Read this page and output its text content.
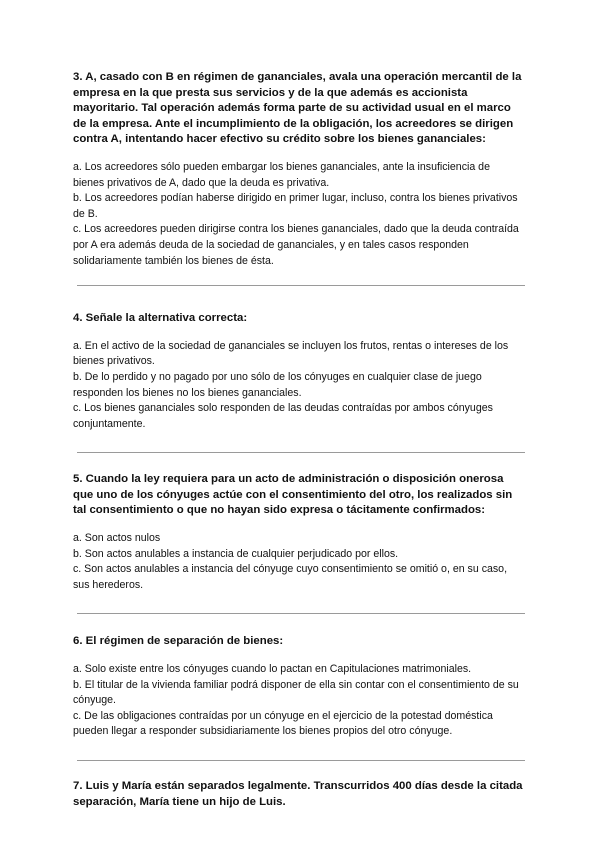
3. A, casado con B en régimen de gananciales, avala una operación mercantil de la empresa en la que presta sus servicios y de la que además es accionista mayoritario. Tal operación además forma parte de su actividad usual en el marco de la empresa. Ante el incumplimiento de la obligación, los acreedores se dirigen contra A, intentando hacer efectivo su crédito sobre los bienes gananciales:

a. Los acreedores sólo pueden embargar los bienes gananciales, ante la insuficiencia de bienes privativos de A, dado que la deuda es privativa.

b. Los acreedores podían haberse dirigido en primer lugar, incluso, contra los bienes privativos de B.

c. Los acreedores pueden dirigirse contra los bienes gananciales, dado que la deuda contraída por A era además deuda de la sociedad de gananciales, y en tales casos responden solidariamente también los bienes de ésta.

4. Señale la alternativa correcta:

a. En el activo de la sociedad de gananciales se incluyen los frutos, rentas o intereses de los bienes privativos.

b. De lo perdido y no pagado por uno sólo de los cónyuges en cualquier clase de juego responden los bienes no los bienes gananciales.

c. Los bienes gananciales solo responden de las deudas contraídas por ambos cónyuges conjuntamente.

5. Cuando la ley requiera para un acto de administración o disposición onerosa que uno de los cónyuges actúe con el consentimiento del otro, los realizados sin tal consentimiento o que no hayan sido expresa o tácitamente confirmados:

a. Son actos nulos

b. Son actos anulables a instancia de cualquier perjudicado por ellos.

c. Son actos anulables a instancia del cónyuge cuyo consentimiento se omitió o, en su caso, sus herederos.

6. El régimen de separación de bienes:

a. Solo existe entre los cónyuges cuando lo pactan en Capitulaciones matrimoniales.

b. El titular de la vivienda familiar podrá disponer de ella sin contar con el consentimiento de su cónyuge.

c. De las obligaciones contraídas por un cónyuge en el ejercicio de la potestad doméstica pueden llegar a responder subsidiariamente los bienes propios del otro cónyuge.

7. Luis y María están separados legalmente. Transcurridos 400 días desde la citada separación, María tiene un hijo de Luis.
